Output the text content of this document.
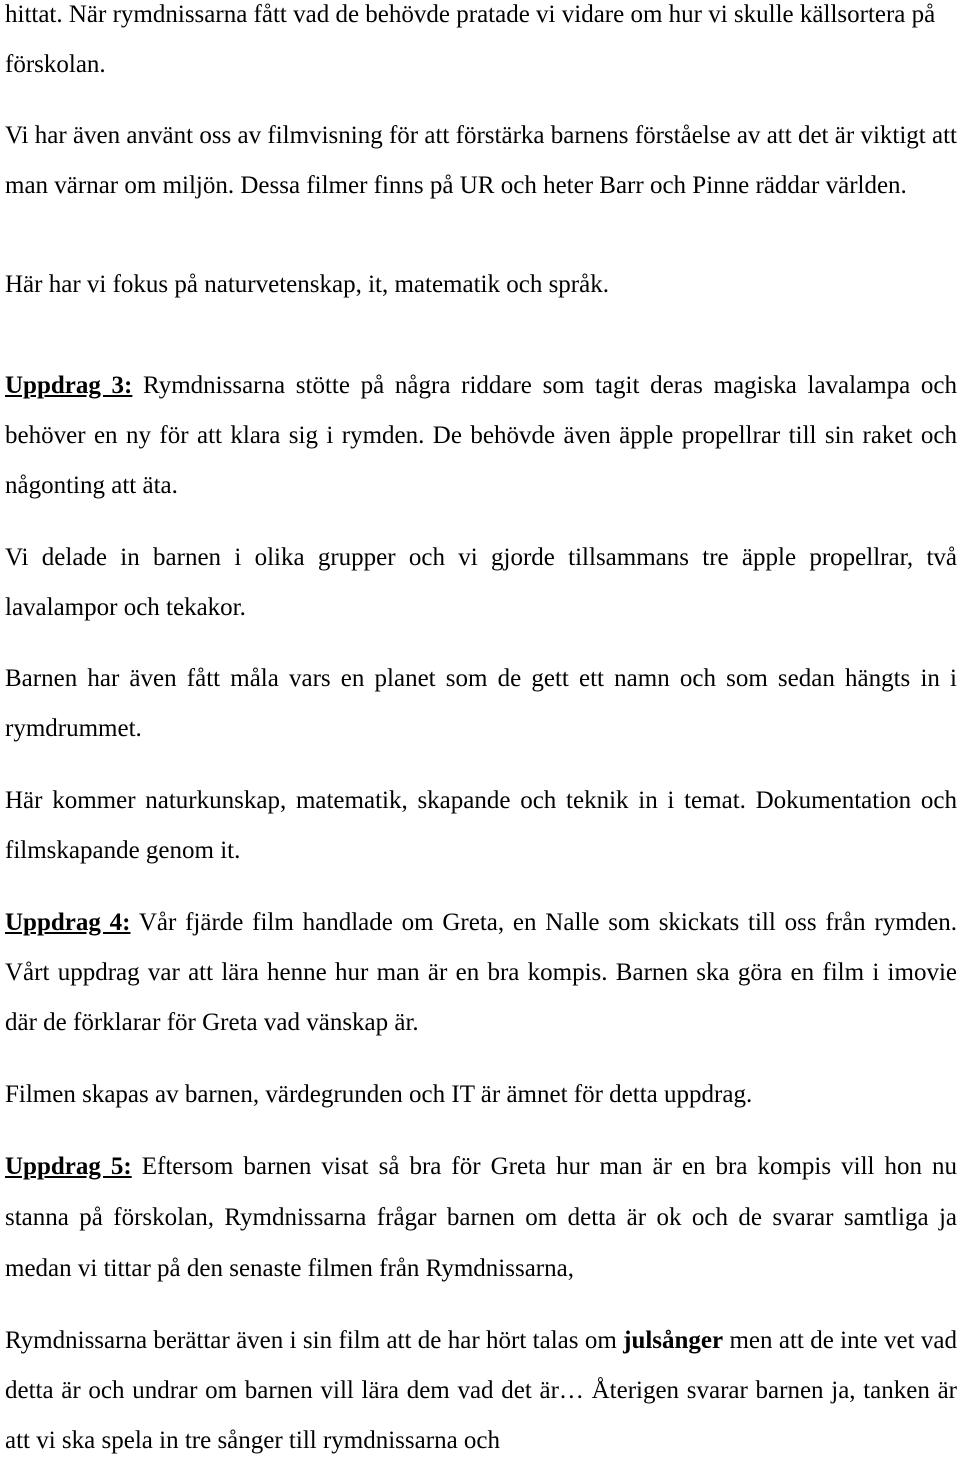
hittat. När rymdnissarna fått vad de behövde pratade vi vidare om hur vi skulle källsortera på förskolan.

Vi har även använt oss av filmvisning för att förstärka barnens förståelse av att det är viktigt att man värnar om miljön. Dessa filmer finns på UR och heter Barr och Pinne räddar världen.

Här har vi fokus på naturvetenskap, it, matematik och språk.

Uppdrag 3: Rymdnissarna stötte på några riddare som tagit deras magiska lavalampa och behöver en ny för att klara sig i rymden. De behövde även äpple propellrar till sin raket och någonting att äta.

Vi delade in barnen i olika grupper och vi gjorde tillsammans tre äpple propellrar, två lavalampor och tekakor.

Barnen har även fått måla vars en planet som de gett ett namn och som sedan hängts in i rymdrummet.

Här kommer naturkunskap, matematik, skapande och teknik in i temat. Dokumentation och filmskapande genom it.

Uppdrag 4: Vår fjärde film handlade om Greta, en Nalle som skickats till oss från rymden. Vårt uppdrag var att lära henne hur man är en bra kompis. Barnen ska göra en film i imovie där de förklarar för Greta vad vänskap är.

Filmen skapas av barnen, värdegrunden och IT är ämnet för detta uppdrag.

Uppdrag 5: Eftersom barnen visat så bra för Greta hur man är en bra kompis vill hon nu stanna på förskolan, Rymdnissarna frågar barnen om detta är ok och de svarar samtliga ja medan vi tittar på den senaste filmen från Rymdnissarna,

Rymdnissarna berättar även i sin film att de har hört talas om julsånger men att de inte vet vad detta är och undrar om barnen vill lära dem vad det är… Återigen svarar barnen ja, tanken är att vi ska spela in tre sånger till rymdnissarna och
